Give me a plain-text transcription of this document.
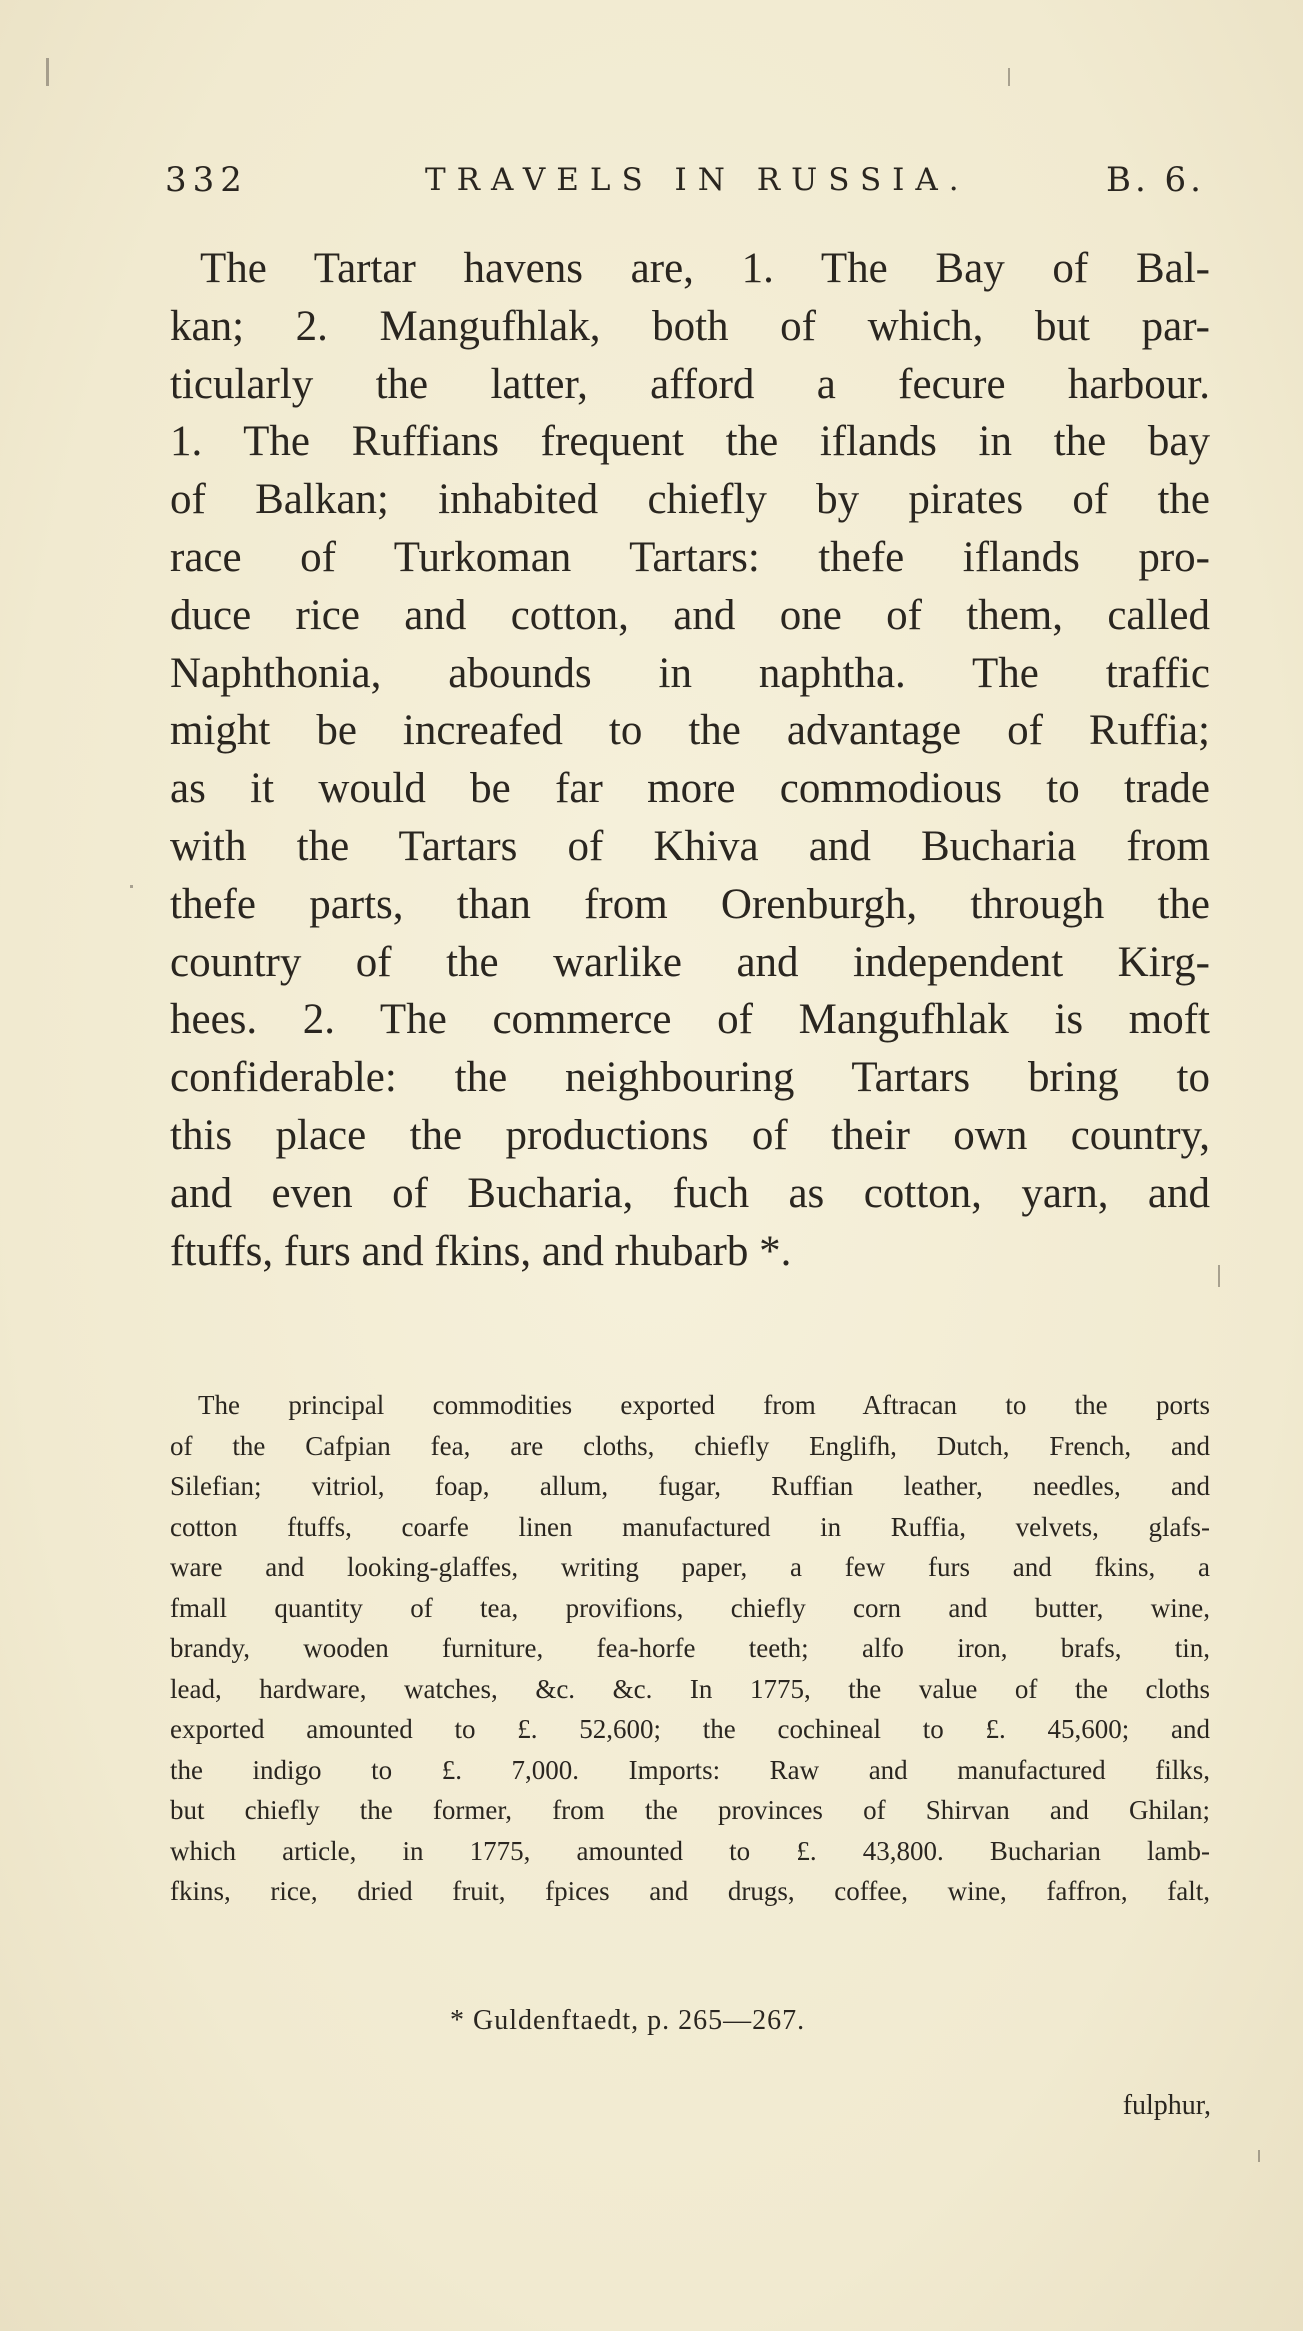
332	TRAVELS IN RUSSIA.	B. 6.
The Tartar havens are, 1. The Bay of Bal-
kan; 2. Mangufhlak, both of which, but par-
ticularly the latter, afford a fecure harbour.
1. The Ruffians frequent the iflands in the bay
of Balkan; inhabited chiefly by pirates of the
race of Turkoman Tartars: thefe iflands pro-
duce rice and cotton, and one of them, called
Naphthonia, abounds in naphtha. The traffic
might be increafed to the advantage of Ruffia;
as it would be far more commodious to trade
with the Tartars of Khiva and Bucharia from
thefe parts, than from Orenburgh, through the
country of the warlike and independent Kirg-
hees. 2. The commerce of Mangufhlak is moft
confiderable: the neighbouring Tartars bring to
this place the productions of their own country,
and even of Bucharia, fuch as cotton, yarn, and
ftuffs, furs and fkins, and rhubarb *.
The principal commodities exported from Aftracan to the ports
of the Cafpian fea, are cloths, chiefly Englifh, Dutch, French, and
Silefian; vitriol, foap, allum, fugar, Ruffian leather, needles, and
cotton ftuffs, coarfe linen manufactured in Ruffia, velvets, glafs-
ware and looking-glaffes, writing paper, a few furs and fkins, a
fmall quantity of tea, provifions, chiefly corn and butter, wine,
brandy, wooden furniture, fea-horfe teeth; alfo iron, brafs, tin,
lead, hardware, watches, &c. &c. In 1775, the value of the cloths
exported amounted to £. 52,600; the cochineal to £. 45,600; and
the indigo to £. 7,000. Imports: Raw and manufactured filks,
but chiefly the former, from the provinces of Shirvan and Ghilan;
which article, in 1775, amounted to £. 43,800. Bucharian lamb-
fkins, rice, dried fruit, fpices and drugs, coffee, wine, faffron, falt,
* Guldenftaedt, p. 265—267.
fulphur,
